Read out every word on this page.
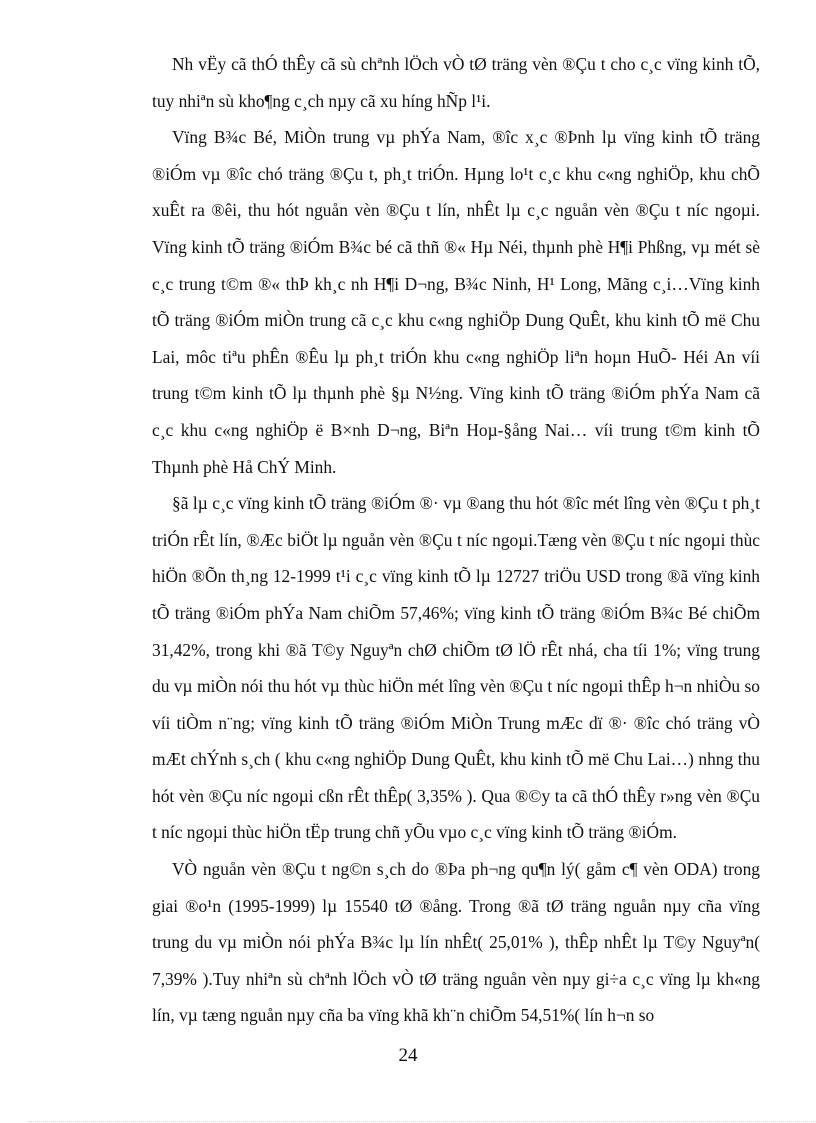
Nh vËy cã thÓ thÊy cã sù chªnh lÖch vÒ tØ träng vèn ®Çu t cho c¸c vïng kinh tÕ, tuy nhiªn sù kho¶ng c¸ch nµy cã xu híng hÑp l¹i.

Vïng B¾c Bé, MiÒn trung vµ phÝa Nam, ®îc x¸c ®Þnh lµ vïng kinh tÕ träng ®iÓm vµ ®îc chó träng ®Çu t, ph¸t triÓn. Hµng lo¹t c¸c khu c«ng nghiÖp, khu chÕ xuÊt ra ®êi, thu hót nguån vèn ®Çu t lín, nhÊt lµ c¸c nguån vèn ®Çu t níc ngoµi. Vïng kinh tÕ träng ®iÓm B¾c bé cã thñ ®« Hµ Néi, thµnh phè H¶i Phßng, vµ mét sè c¸c trung t©m ®« thÞ kh¸c nh H¶i D¬ng, B¾c Ninh, H¹ Long, Mãng c¸i…Vïng kinh tÕ träng ®iÓm miÒn trung cã c¸c khu c«ng nghiÖp Dung QuÊt, khu kinh tÕ më Chu Lai, môc tiªu phÊn ®Êu lµ ph¸t triÓn khu c«ng nghiÖp liªn hoµn HuÕ- Héi An víi trung t©m kinh tÕ lµ thµnh phè §µ N½ng. Vïng kinh tÕ träng ®iÓm phÝa Nam cã c¸c khu c«ng nghiÖp ë B×nh D¬ng, Biªn Hoµ-§ång Nai… víi trung t©m kinh tÕ Thµnh phè Hå ChÝ Minh.

§ã lµ c¸c vïng kinh tÕ träng ®iÓm ®· vµ ®ang thu hót ®îc mét lîng vèn ®Çu t ph¸t triÓn rÊt lín, ®Æc biÖt lµ nguån vèn ®Çu t níc ngoµi.Tæng vèn ®Çu t níc ngoµi thùc hiÖn ®Õn th¸ng 12-1999 t¹i c¸c vïng kinh tÕ lµ 12727 triÖu USD trong ®ã vïng kinh tÕ träng ®iÓm phÝa Nam chiÕm 57,46%; vïng kinh tÕ träng ®iÓm B¾c Bé chiÕm 31,42%, trong khi ®ã T©y Nguyªn chØ chiÕm tØ lÖ rÊt nhá, cha tíi 1%; vïng trung du vµ miÒn nói thu hót vµ thùc hiÖn mét lîng vèn ®Çu t níc ngoµi thÊp h¬n nhiÒu so víi tiÒm n¨ng; vïng kinh tÕ träng ®iÓm MiÒn Trung mÆc dï ®· ®îc chó träng vÒ mÆt chÝnh s¸ch ( khu c«ng nghiÖp Dung QuÊt, khu kinh tÕ më Chu Lai…) nhng thu hót vèn ®Çu níc ngoµi cßn rÊt thÊp( 3,35% ). Qua ®©y ta cã thÓ thÊy r»ng vèn ®Çu t níc ngoµi thùc hiÖn tËp trung chñ yÕu vµo c¸c vïng kinh tÕ träng ®iÓm.

VÒ nguån vèn ®Çu t ng©n s¸ch do ®Þa ph¬ng qu¶n lý( gåm c¶ vèn ODA) trong giai ®o¹n (1995-1999) lµ 15540 tØ ®ång. Trong ®ã tØ träng nguån nµy cña vïng trung du vµ miÒn nói phÝa B¾c lµ lín nhÊt( 25,01% ), thÊp nhÊt lµ T©y Nguyªn( 7,39% ).Tuy nhiªn sù chªnh lÖch vÒ tØ träng nguån vèn nµy gi÷a c¸c vïng lµ kh«ng lín, vµ tæng nguån nµy cña ba vïng khã kh¨n chiÕm 54,51%( lín h¬n so

24
